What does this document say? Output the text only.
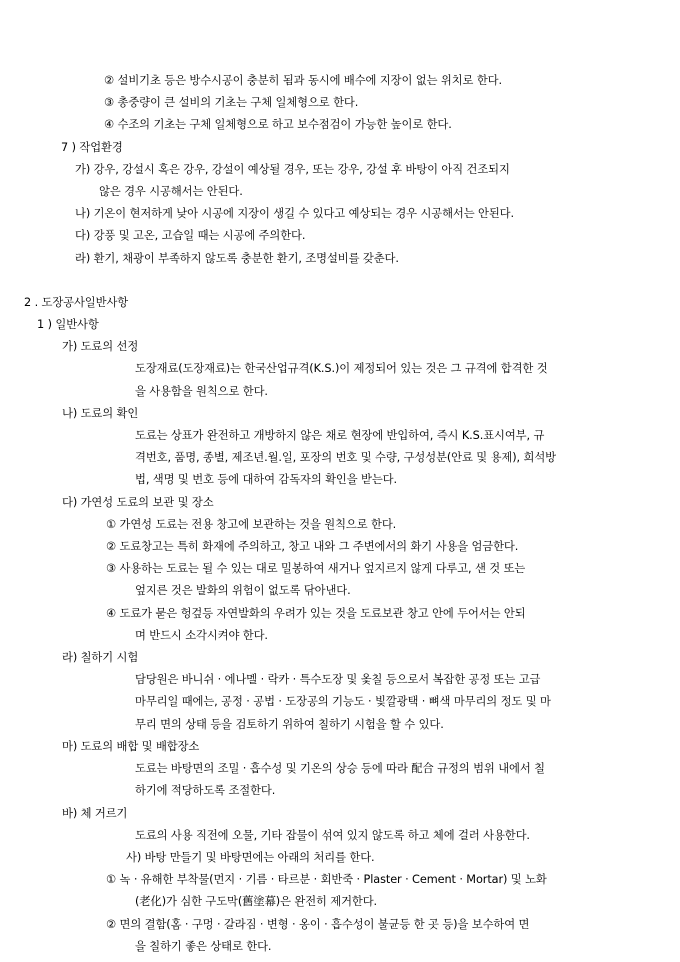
② 설비기초 등은 방수시공이 충분히 됨과 동시에 배수에 지장이 없는 위치로 한다.
③ 총중량이 큰 설비의 기초는 구체 일체형으로 한다.
④ 수조의 기초는 구체 일체형으로 하고 보수점검이 가능한 높이로 한다.
7 ) 작업환경
가) 강우, 강설시 혹은 강우, 강설이 예상될 경우, 또는 강우, 강설 후 바탕이 아직 건조되지
않은 경우 시공해서는 안된다.
나) 기온이 현저하게 낮아 시공에 지장이 생길 수 있다고 예상되는 경우 시공해서는 안된다.
다) 강풍 및 고온, 고습일 때는 시공에 주의한다.
라) 환기, 채광이 부족하지 않도록 충분한 환기, 조명설비를 갖춘다.
2 . 도장공사일반사항
1 ) 일반사항
가) 도료의 선정
도장재료(도장재료)는 한국산업규격(K.S.)이 제정되어 있는 것은 그 규격에 합격한 것
을 사용함을 원칙으로 한다.
나) 도료의 확인
도료는 상표가 완전하고 개방하지 않은 채로 현장에 반입하여, 즉시 K.S.표시여부, 규
격번호, 품명, 종별, 제조년.월.일, 포장의 번호 및 수량, 구성성분(안료 및 용제), 희석방
법, 색명 및 번호 등에 대하여 감독자의 확인을 받는다.
다) 가연성 도료의 보관 및 장소
① 가연성 도료는 전용 창고에 보관하는 것을 원칙으로 한다.
② 도료창고는 특히 화재에 주의하고, 창고 내와 그 주변에서의 화기 사용을 엄금한다.
③ 사용하는 도료는 될 수 있는 대로 밀봉하여 새거나 엎지르지 않게 다루고, 샌 것 또는
엎지른 것은 발화의 위험이 없도록 닦아낸다.
④ 도료가 묻은 헝겊등 자연발화의 우려가 있는 것을 도료보관 창고 안에 두어서는 안되
며 반드시 소각시켜야 한다.
라) 칠하기 시험
담당원은 바니쉬 · 에나멜 · 락카 · 특수도장 및 옻칠 등으로서 복잡한 공정 또는 고급
마무리일 때에는, 공정 · 공법 · 도장공의 기능도 · 빛깔광택 · 뼈색 마무리의 정도 및 마
무리 면의 상태 등을 검토하기 위하여 칠하기 시험을 할 수 있다.
마) 도료의 배합 및 배합장소
도료는 바탕면의 조밀 · 흡수성 및 기온의 상승 등에 따라 配合 규정의 범위 내에서 칠
하기에 적당하도록 조절한다.
바) 체 거르기
도료의 사용 직전에 오물, 기타 잡물이 섞여 있지 않도록 하고 체에 걸러 사용한다.
사) 바탕 만들기 및 바탕면에는 아래의 처리를 한다.
① 녹 · 유해한 부착물(먼지 · 기름 · 타르분 · 회반죽 · Plaster · Cement · Mortar) 및 노화
(老化)가 심한 구도막(舊塗幕)은 완전히 제거한다.
② 면의 결함(홈 · 구멍 · 갈라짐 · 변형 · 옹이 · 흡수성이 불균등 한 곳 등)을 보수하여 면
을 칠하기 좋은 상태로 한다.
